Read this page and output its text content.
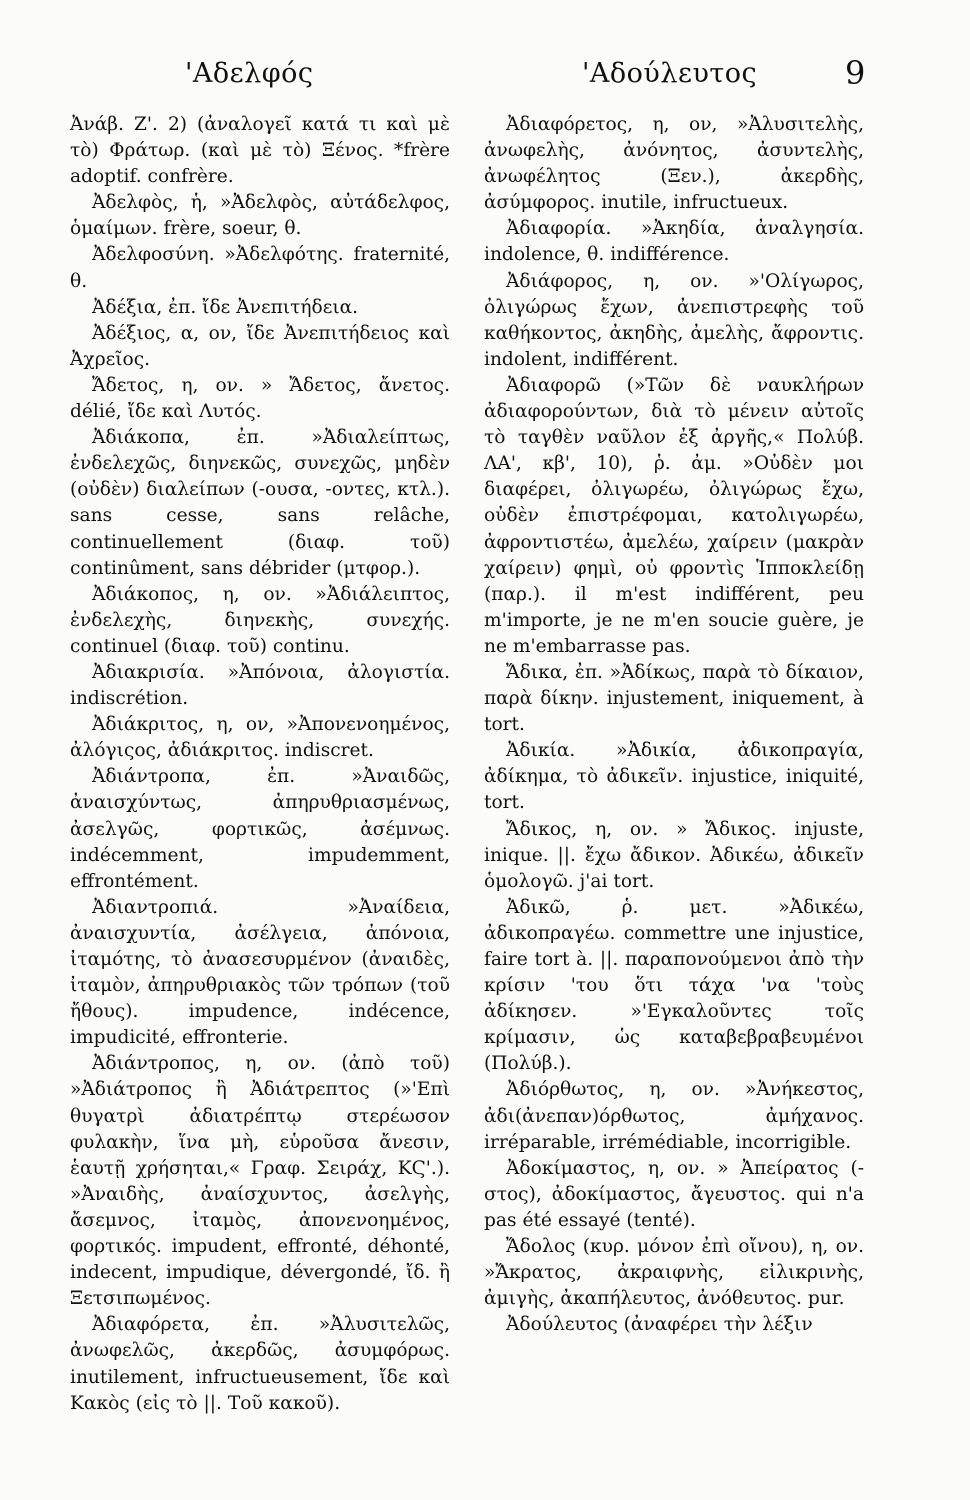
'Αδελφός	'Αδούλευτος	9

Ἀνάβ. Ζ'. 2) (ἀναλογεῖ κατά τι καὶ μὲ τὸ) Φράτωρ. (καὶ μὲ τὸ) Ξένος. *frère adoptif. confrère.

Ἀδελφὸς, ἡ, »Ἀδελφὸς, αὐτάδελφος, ὁμαίμων. frère, soeur, θ.

Ἀδελφοσύνη. »Ἀδελφότης. fraternité, θ.

Ἀδέξια, ἐπ. ἴδε Ἀνεπιτήδεια.

Ἀδέξιος, α, ον, ἴδε Ἀνεπιτήδειος καὶ Ἀχρεῖος.

Ἄδετος, η, ον. » Ἄδετος, ἄνετος. délié, ἴδε καὶ Λυτός.

Ἀδιάκοπα, ἐπ. »Ἀδιαλείπτως, ἐνδελεχῶς, διηνεκῶς, συνεχῶς, μηδὲν (οὐδὲν) διαλείπων (-ουσα, -οντες, κτλ.). sans cesse, sans relâche, continuellement (διαφ. τοῦ) continûment, sans débrider (μτφορ.).

Ἀδιάκοπος, η, ον. »Ἀδιάλειπτος, ἐνδελεχὴς, διηνεκὴς, συνεχής. continuel (διαφ. τοῦ) continu.

Ἀδιακρισία. »Ἀπόνοια, ἀλογιστία. indiscrétion.

Ἀδιάκριτος, η, ον, »Ἀπονενοημένος, ἀλόγιςος, ἀδιάκριτος. indiscret.

Ἀδιάντροπα, ἐπ. »Ἀναιδῶς, ἀναισχύντως, ἀπηρυθριασμένως, ἀσελγῶς, φορτικῶς, ἀσέμνως. indécemment, impudemment, effrontément.

Ἀδιαντροπιά. »Ἀναίδεια, ἀναισχυντία, ἀσέλγεια, ἀπόνοια, ἰταμότης, τὸ ἀνασεσυρμένον (ἀναιδὲς, ἰταμὸν, ἀπηρυθριακὸς τῶν τρόπων (τοῦ ἤθους). impudence, indécence, impudicité, effronterie.

Ἀδιάντροπος, η, ον. (ἀπὸ τοῦ) »Ἀδιάτροπος ἢ Ἀδιάτρεπτος (»'Επὶ θυγατρὶ ἀδιατρέπτῳ στερέωσον φυλακὴν, ἵνα μὴ, εὑροῦσα ἄνεσιν, ἑαυτῇ χρήσηται,« Γραφ. Σειράχ, ΚϚ'.). »Ἀναιδὴς, ἀναίσχυντος, ἀσελγὴς, ἄσεμνος, ἰταμὸς, ἀπονενοημένος, φορτικός. impudent, effronté, déhonté, indecent, impudique, dévergondé, ἴδ. ἢ Ξετσιπωμένος.

Ἀδιαφόρετα, ἐπ. »Ἀλυσιτελῶς, ἀνωφελῶς, ἀκερδῶς, ἀσυμφόρως. inutilement, infructueusement, ἴδε καὶ Κακὸς (εἰς τὸ ||. Τοῦ κακοῦ).

Ἀδιαφόρετος, η, ον, »Ἀλυσιτελὴς, ἀνωφελὴς, ἀνόνητος, ἀσυντελὴς, ἀνωφέλητος (Ξεν.), ἀκερδὴς, ἀσύμφορος. inutile, infructueux.

Ἀδιαφορία. »Ἀκηδία, ἀναλγησία. indolence, θ. indifférence.

Ἀδιάφορος, η, ον. »'Ολίγωρος, ὀλιγώρως ἔχων, ἀνεπιστρεφὴς τοῦ καθήκοντος, ἀκηδὴς, ἀμελὴς, ἄφροντις. indolent, indifférent.

Ἀδιαφορῶ (»Τῶν δὲ ναυκλήρων ἀδιαφορούντων, διὰ τὸ μένειν αὐτοῖς τὸ ταγθὲν ναῦλον ἐξ ἀργῆς,« Πολύβ. ΛΑ', κβ', 10), ῥ. ἀμ. »Οὐδὲν μοι διαφέρει, ὀλιγωρέω, ὀλιγώρως ἔχω, οὐδὲν ἐπιστρέφομαι, κατολιγωρέω, ἀφροντιστέω, ἀμελέω, χαίρειν (μακρὰν χαίρειν) φημὶ, οὐ φροντὶς Ἱπποκλείδῃ (παρ.). il m'est indifférent, peu m'importe, je ne m'en soucie guère, je ne m'embarrasse pas.

Ἄδικα, ἐπ. »Ἀδίκως, παρὰ τὸ δίκαιον, παρὰ δίκην. injustement, iniquement, à tort.

Ἀδικία. »Ἀδικία, ἀδικοπραγία, ἀδίκημα, τὸ ἀδικεῖν. injustice, iniquité, tort.

Ἄδικος, η, ον. » Ἄδικος. injuste, inique. ||. ἔχω ἄδικον. Ἀδικέω, ἀδικεῖν ὁμολογῶ. j'ai tort.

Ἀδικῶ, ῥ. μετ. »Ἀδικέω, ἀδικοπραγέω. commettre une injustice, faire tort à. ||. παραπονούμενοι ἀπὸ τὴν κρίσιν 'του ὅτι τάχα 'να 'τοὺς ἀδίκησεν. »'Εγκαλοῦντες τοῖς κρίμασιν, ὡς καταβεβραβευμένοι (Πολύβ.).

Ἀδιόρθωτος, η, ον. »Ἀνήκεστος, ἀδι(ἀνεπαν)όρθωτος, ἀμήχανος. irréparable, irrémédiable, incorrigible.

Ἀδοκίμαστος, η, ον. » Ἀπείρατος (-στος), ἀδοκίμαστος, ἄγευστος. qui n'a pas été essayé (tenté).

Ἄδολος (κυρ. μόνον ἐπὶ οἴνου), η, ον. »Ἄκρατος, ἀκραιφνὴς, εἰλικρινὴς, ἀμιγὴς, ἀκαπήλευτος, ἀνόθευτος. pur.

Ἀδούλευτος (ἀναφέρει τὴν λέξιν
